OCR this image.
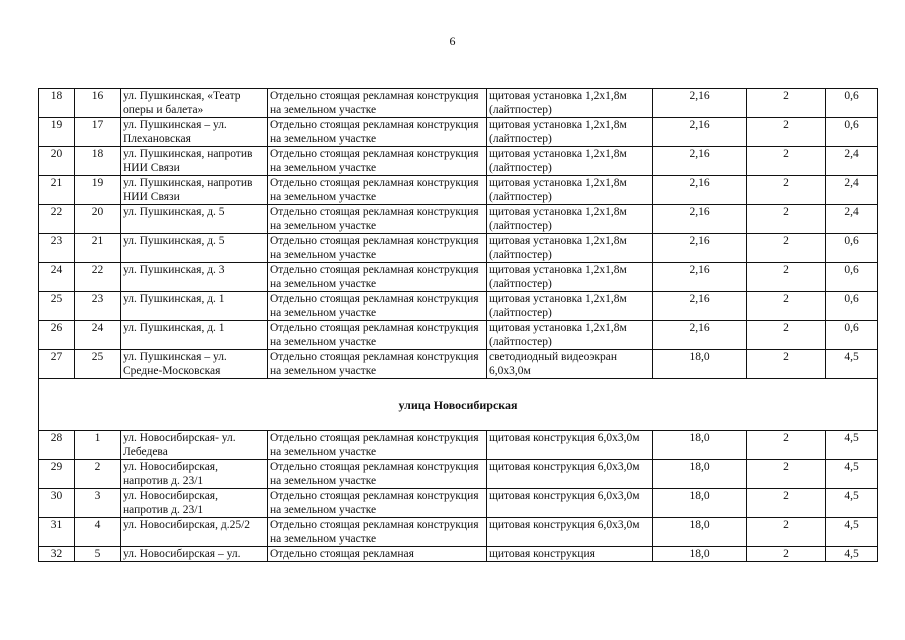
6
18	16	ул. Пушкинская, «Театр оперы и балета»	Отдельно стоящая рекламная конструкция на земельном участке	щитовая установка 1,2х1,8м (лайтпостер)	2,16	2	0,6
19	17	ул. Пушкинская – ул. Плехановская	Отдельно стоящая рекламная конструкция на земельном участке	щитовая установка 1,2х1,8м (лайтпостер)	2,16	2	0,6
20	18	ул. Пушкинская, напротив НИИ Связи	Отдельно стоящая рекламная конструкция на земельном участке	щитовая установка 1,2х1,8м (лайтпостер)	2,16	2	2,4
21	19	ул. Пушкинская, напротив НИИ Связи	Отдельно стоящая рекламная конструкция на земельном участке	щитовая установка 1,2х1,8м (лайтпостер)	2,16	2	2,4
22	20	ул. Пушкинская, д. 5	Отдельно стоящая рекламная конструкция на земельном участке	щитовая установка 1,2х1,8м (лайтпостер)	2,16	2	2,4
23	21	ул. Пушкинская, д. 5	Отдельно стоящая рекламная конструкция на земельном участке	щитовая установка 1,2х1,8м (лайтпостер)	2,16	2	0,6
24	22	ул. Пушкинская, д. 3	Отдельно стоящая рекламная конструкция на земельном участке	щитовая установка 1,2х1,8м (лайтпостер)	2,16	2	0,6
25	23	ул. Пушкинская, д. 1	Отдельно стоящая рекламная конструкция на земельном участке	щитовая установка 1,2х1,8м (лайтпостер)	2,16	2	0,6
26	24	ул. Пушкинская, д. 1	Отдельно стоящая рекламная конструкция на земельном участке	щитовая установка 1,2х1,8м (лайтпостер)	2,16	2	0,6
27	25	ул. Пушкинская – ул. Средне-Московская	Отдельно стоящая рекламная конструкция на земельном участке	светодиодный видеоэкран 6,0х3,0м	18,0	2	4,5
улица Новосибирская							
28	1	ул. Новосибирская- ул. Лебедева	Отдельно стоящая рекламная конструкция на земельном участке	щитовая конструкция 6,0х3,0м	18,0	2	4,5
29	2	ул. Новосибирская, напротив д. 23/1	Отдельно стоящая рекламная конструкция на земельном участке	щитовая конструкция 6,0х3,0м	18,0	2	4,5
30	3	ул. Новосибирская, напротив д. 23/1	Отдельно стоящая рекламная конструкция на земельном участке	щитовая конструкция 6,0х3,0м	18,0	2	4,5
31	4	ул. Новосибирская, д.25/2	Отдельно стоящая рекламная конструкция на земельном участке	щитовая конструкция 6,0х3,0м	18,0	2	4,5
32	5	ул. Новосибирская – ул.	Отдельно стоящая рекламная	щитовая конструкция	18,0	2	4,5
